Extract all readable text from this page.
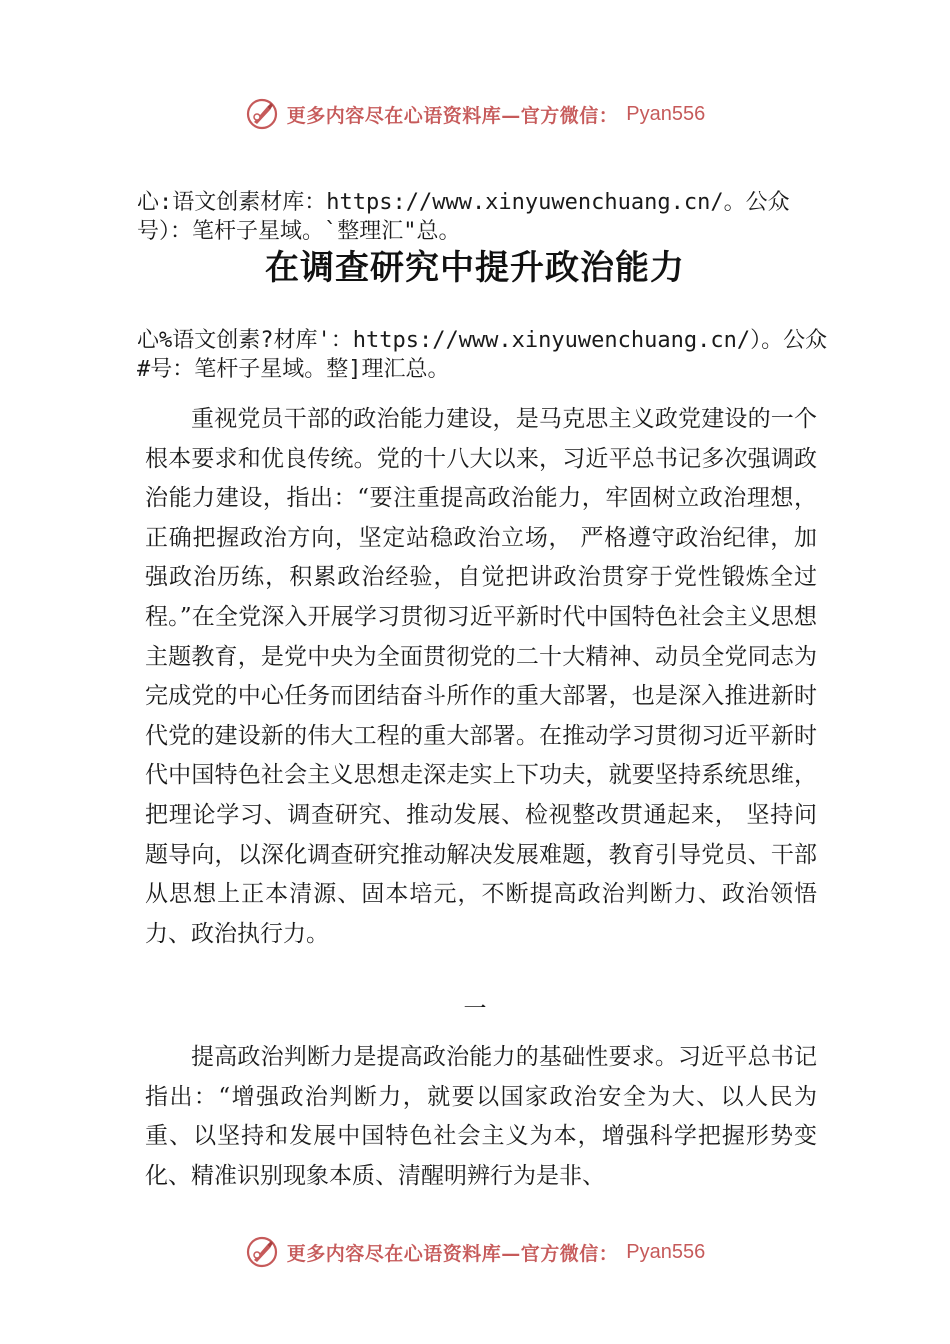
更多内容尽在心语资料库—官方微信： Pyan556
心:语文创素材库：https://www.xinyuwenchuang.cn/。公众号）：笔杆子星域。`整理汇"总。
在调查研究中提升政治能力
心%语文创素?材库'：https://www.xinyuwenchuang.cn/）。公众#号：笔杆子星域。整]理汇总。
重视党员干部的政治能力建设，是马克思主义政党建设的一个根本要求和优良传统。党的十八大以来，习近平总书记多次强调政治能力建设，指出：“要注重提高政治能力，牢固树立政治理想，正确把握政治方向，坚定站稳政治立场， 严格遵守政治纪律，加强政治历练，积累政治经验，自觉把讲政治贯穿于党性锻炼全过程。”在全党深入开展学习贯彻习近平新时代中国特色社会主义思想主题教育，是党中央为全面贯彻党的二十大精神、动员全党同志为完成党的中心任务而团结奋斗所作的重大部署，也是深入推进新时代党的建设新的伟大工程的重大部署。在推动学习贯彻习近平新时代中国特色社会主义思想走深走实上下功夫，就要坚持系统思维，把理论学习、调查研究、推动发展、检视整改贯通起来， 坚持问题导向，以深化调查研究推动解决发展难题，教育引导党员、干部从思想上正本清源、固本培元，不断提高政治判断力、政治领悟力、政治执行力。
一
提高政治判断力是提高政治能力的基础性要求。习近平总书记指出：“增强政治判断力，就要以国家政治安全为大、以人民为重、以坚持和发展中国特色社会主义为本，增强科学把握形势变化、精准识别现象本质、清醒明辨行为是非、
更多内容尽在心语资料库—官方微信： Pyan556
